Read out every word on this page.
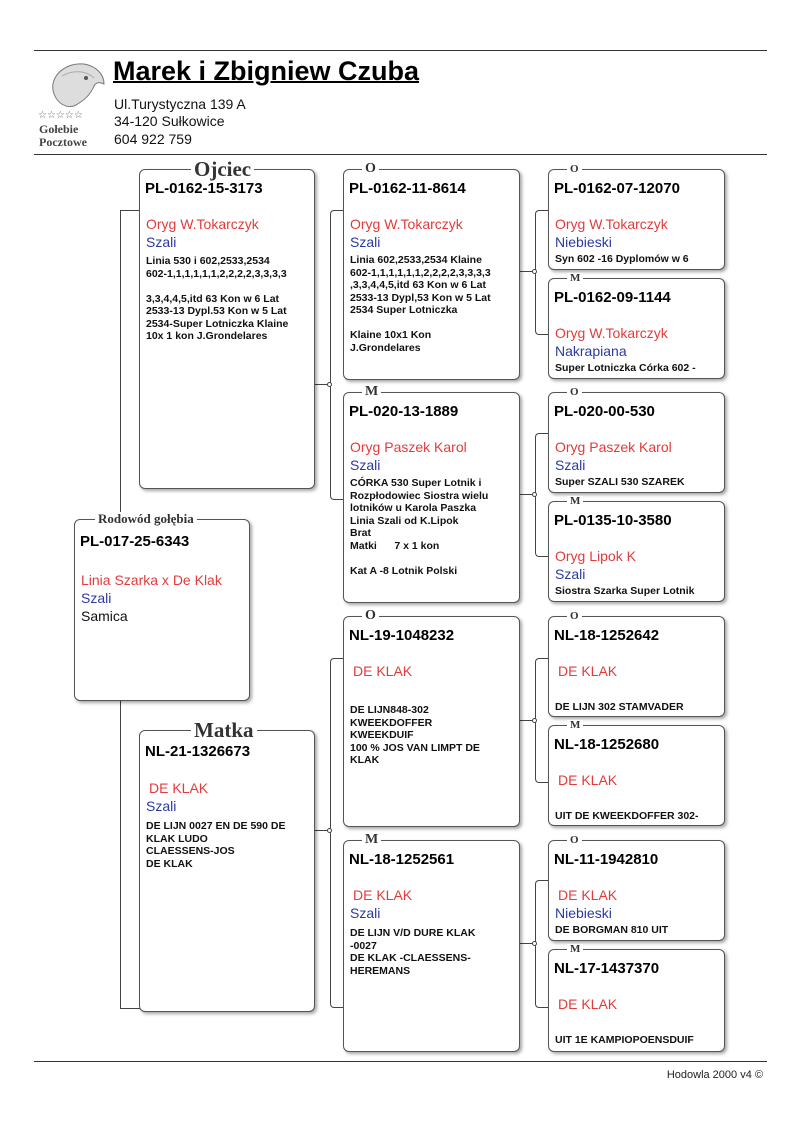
☆☆☆☆☆
Gołebie
Pocztowe
Marek i Zbigniew Czuba
Ul.Turystyczna 139 A
34-120 Sułkowice
604 922 759
PL-017-25-6343
Linia Szarka x De Klak
Szali
Samica
Rodowód gołębia
PL-0162-15-3173
Oryg W.Tokarczyk
Szali
Linia 530 i 602,2533,2534
602-1,1,1,1,1,1,2,2,2,2,3,3,3,3

3,3,4,4,5,itd 63 Kon w 6 Lat
2533-13 Dypl.53 Kon w 5 Lat
2534-Super Lotniczka Klaine
10x 1 kon J.Grondelares
Ojciec
NL-21-1326673
DE KLAK
Szali
DE LIJN 0027 EN DE 590 DE
KLAK LUDO
CLAESSENS-JOS
DE KLAK
Matka
PL-0162-11-8614
Oryg W.Tokarczyk
Szali
Linia 602,2533,2534 Klaine
602-1,1,1,1,1,1,2,2,2,2,3,3,3,3
,3,3,4,4,5,itd 63 Kon w 6 Lat
2533-13 Dypl,53 Kon w 5 Lat
2534 Super Lotniczka

Klaine 10x1 Kon
J.Grondelares
O
PL-020-13-1889
Oryg Paszek Karol
Szali
CÓRKA 530 Super Lotnik i
Rozpłodowiec Siostra wielu
lotników u Karola Paszka
Linia Szali od K.Lipok
Brat
Matki      7 x 1 kon

Kat A -8 Lotnik Polski
M
NL-19-1048232
DE KLAK
DE LIJN848-302
KWEEKDOFFER
KWEEKDUIF
100 % JOS VAN LIMPT DE
KLAK
O
NL-18-1252561
DE KLAK
Szali
DE LIJN V/D DURE KLAK
-0027
DE KLAK -CLAESSENS-
HEREMANS
M
PL-0162-07-12070
Oryg W.Tokarczyk
Niebieski
Syn 602 -16 Dyplomów w 6
O
PL-0162-09-1144
Oryg W.Tokarczyk
Nakrapiana
Super Lotniczka Córka 602 -
M
PL-020-00-530
Oryg Paszek Karol
Szali
Super SZALI 530 SZAREK
O
PL-0135-10-3580
Oryg Lipok K
Szali
Siostra Szarka Super Lotnik
M
NL-18-1252642
DE KLAK
DE LIJN 302 STAMVADER
O
NL-18-1252680
DE KLAK
UIT DE KWEEKDOFFER 302-
M
NL-11-1942810
DE KLAK
Niebieski
DE BORGMAN 810 UIT
O
NL-17-1437370
DE KLAK
UIT 1E KAMPIOPOENSDUIF
M
Hodowla 2000 v4 ©
